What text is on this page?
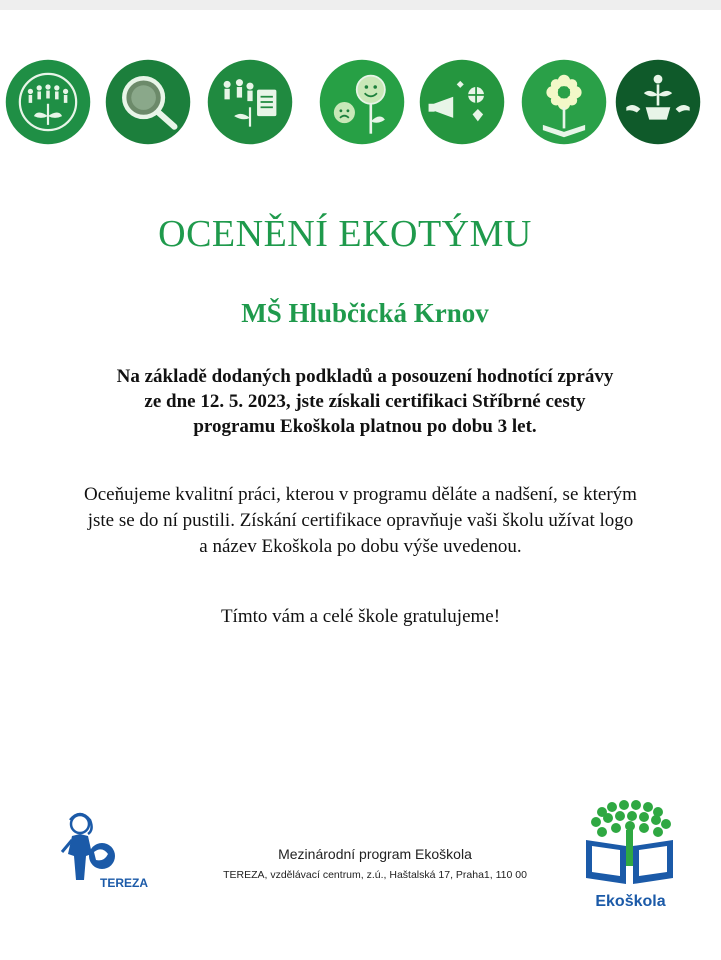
OCENĚNÍ EKOTÝMU
MŠ Hlubčická Krnov
Na základě dodaných podkladů a posouzení hodnotící zprávy
ze dne 12. 5. 2023, jste získali certifikaci Stříbrné cesty
programu Ekoškola platnou po dobu 3 let.
Oceňujeme kvalitní práci, kterou v programu děláte a nadšení, se kterým
jste se do ní pustili. Získání certifikace opravňuje vaši školu užívat logo
a název Ekoškola po dobu výše uvedenou.
Tímto vám a celé škole gratulujeme!
TEREZA
Mezinárodní program Ekoškola
TEREZA, vzdělávací centrum, z.ú., Haštalská 17, Praha1, 110 00
Ekoškola
